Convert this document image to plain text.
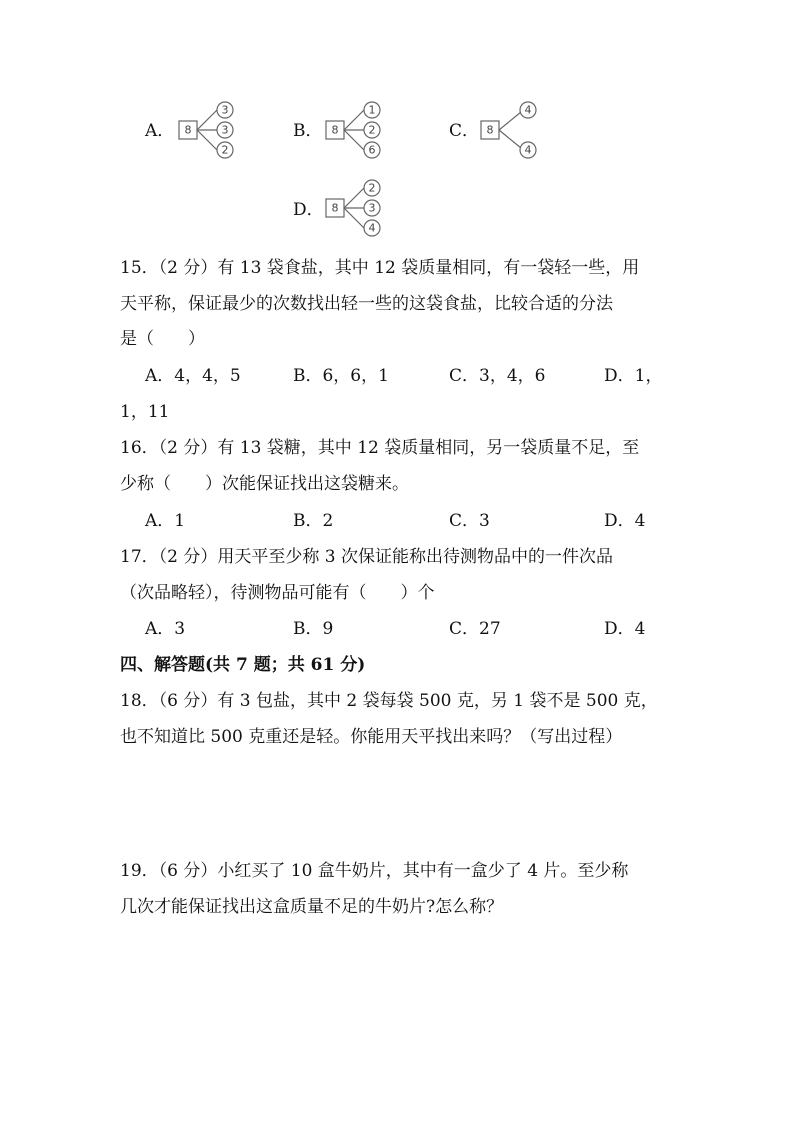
A． 8
3
3
2
B． 8
1
2
6
C． 8
4
4
D． 8
2
3
4
15．（2 分）有 13 袋食盐，其中 12 袋质量相同，有一袋轻一些，用
天平称，保证最少的次数找出轻一些的这袋食盐，比较合适的分法
是（　　）
A．4，4，5	B．6，6，1	C．3，4，6	D．1，
1，11
16．（2 分）有 13 袋糖，其中 12 袋质量相同，另一袋质量不足，至
少称（　　）次能保证找出这袋糖来。
A．1	B．2	C．3	D．4
17．（2 分）用天平至少称 3 次保证能称出待测物品中的一件次品
（次品略轻），待测物品可能有（　　）个
A．3	B．9	C．27	D．4
四、解答题(共 7 题；共 61 分)
18．（6 分）有 3 包盐，其中 2 袋每袋 500 克，另 1 袋不是 500 克，
也不知道比 500 克重还是轻。你能用天平找出来吗？（写出过程）
19．（6 分）小红买了 10 盒牛奶片，其中有一盒少了 4 片。至少称
几次才能保证找出这盒质量不足的牛奶片?怎么称？
